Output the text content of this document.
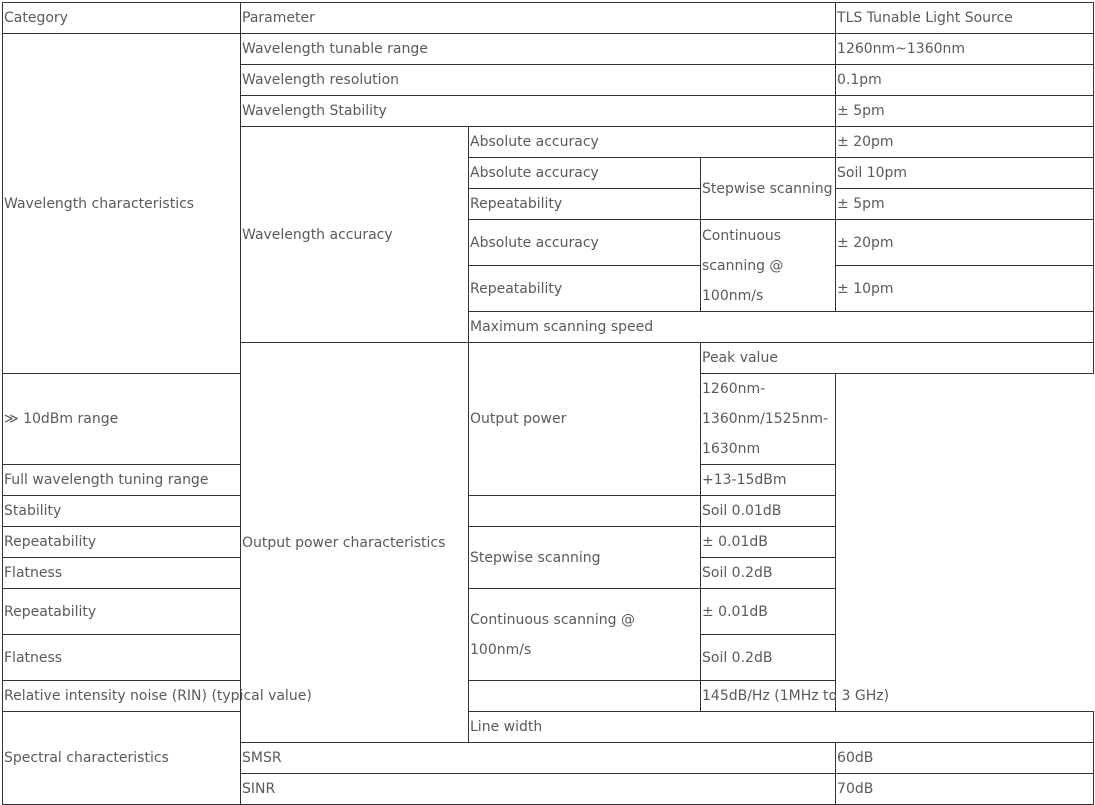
Category	Parameter			TLS Tunable Light Source	
Wavelength characteristics	Wavelength tunable range			1260nm~1360nm	
	Wavelength resolution			0.1pm	
	Wavelength Stability			± 5pm	
	Wavelength accuracy	Absolute accuracy		± 20pm	
		Absolute accuracy	Stepwise scanning	Soil 10pm	
		Repeatability		± 5pm	
		Absolute accuracy	Continuous scanning @ 100nm/s	± 20pm	
		Repeatability		± 10pm	
		Maximum scanning speed	
	Output power characteristics	Output power	Peak value	
≫ 10dBm range			1260nm-1360nm/1525nm-1630nm		
Full wavelength tuning range			+13-15dBm		
Stability			Soil 0.01dB		
Repeatability		Stepwise scanning	± 0.01dB		
Flatness			Soil 0.2dB		
Repeatability		Continuous scanning @ 100nm/s	± 0.01dB		
Flatness			Soil 0.2dB		
Relative intensity noise (RIN) (typical value)			145dB/Hz (1MHz to 3 GHz)		
Spectral characteristics		Line width	
	SMSR			60dB	
	SINR			70dB	
